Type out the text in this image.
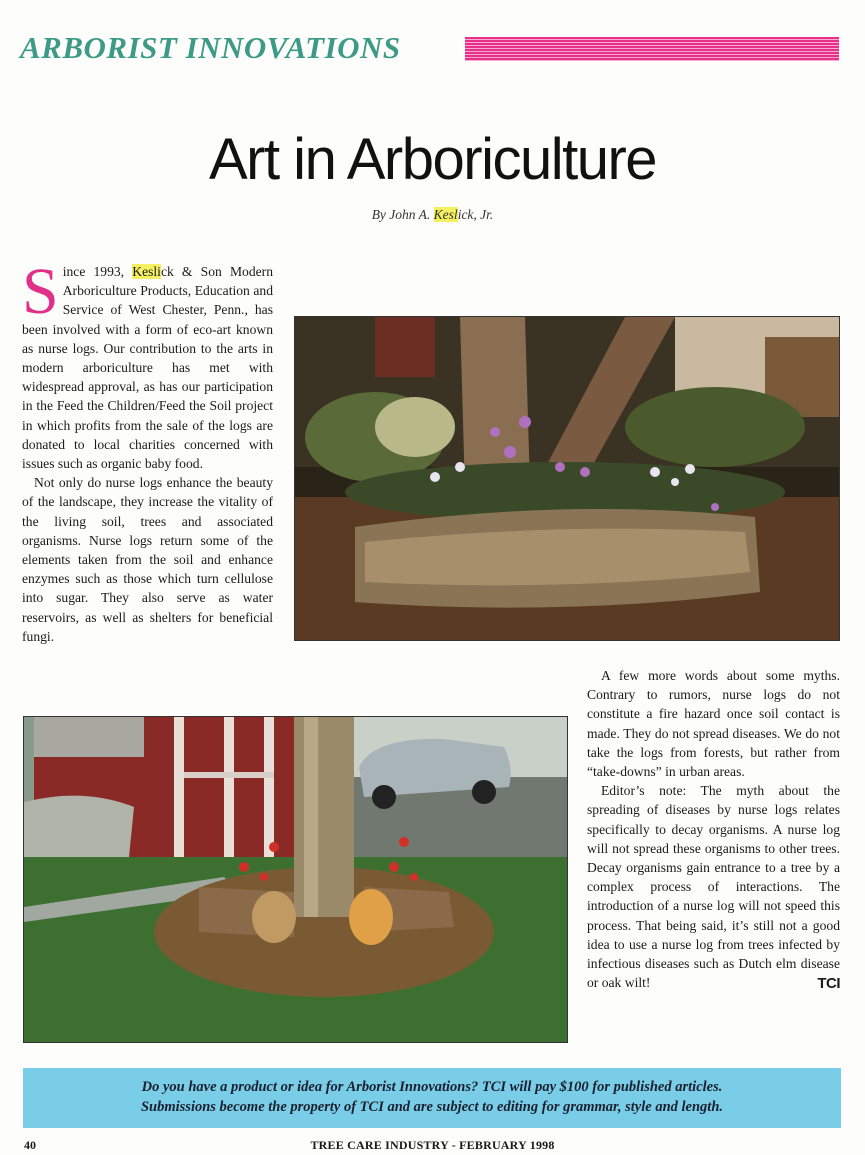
ARBORIST INNOVATIONS
Art in Arboriculture
By John A. Keslick, Jr.

Since 1993, Keslick & Son Modern Arboriculture Products, Education and Service of West Chester, Penn., has been involved with a form of eco-art known as nurse logs. Our contribution to the arts in modern arboriculture has met with widespread approval, as has our participation in the Feed the Children/Feed the Soil project in which profits from the sale of the logs are donated to local charities concerned with issues such as organic baby food.

Not only do nurse logs enhance the beauty of the landscape, they increase the vitality of the living soil, trees and associated organisms. Nurse logs return some of the elements taken from the soil and enhance enzymes such as those which turn cellulose into sugar. They also serve as water reservoirs, as well as shelters for beneficial fungi.

A few more words about some myths. Contrary to rumors, nurse logs do not constitute a fire hazard once soil contact is made. They do not spread diseases. We do not take the logs from forests, but rather from “take-downs” in urban areas.

Editor’s note: The myth about the spreading of diseases by nurse logs relates specifically to decay organisms. A nurse log will not spread these organisms to other trees. Decay organisms gain entrance to a tree by a complex process of interactions. The introduction of a nurse log will not speed this process. That being said, it’s still not a good idea to use a nurse log from trees infected by infectious diseases such as Dutch elm disease or oak wilt!	TCI

Do you have a product or idea for Arborist Innovations? TCI will pay $100 for published articles.

Submissions become the property of TCI and are subject to editing for grammar, style and length.

40	TREE CARE INDUSTRY - FEBRUARY 1998
